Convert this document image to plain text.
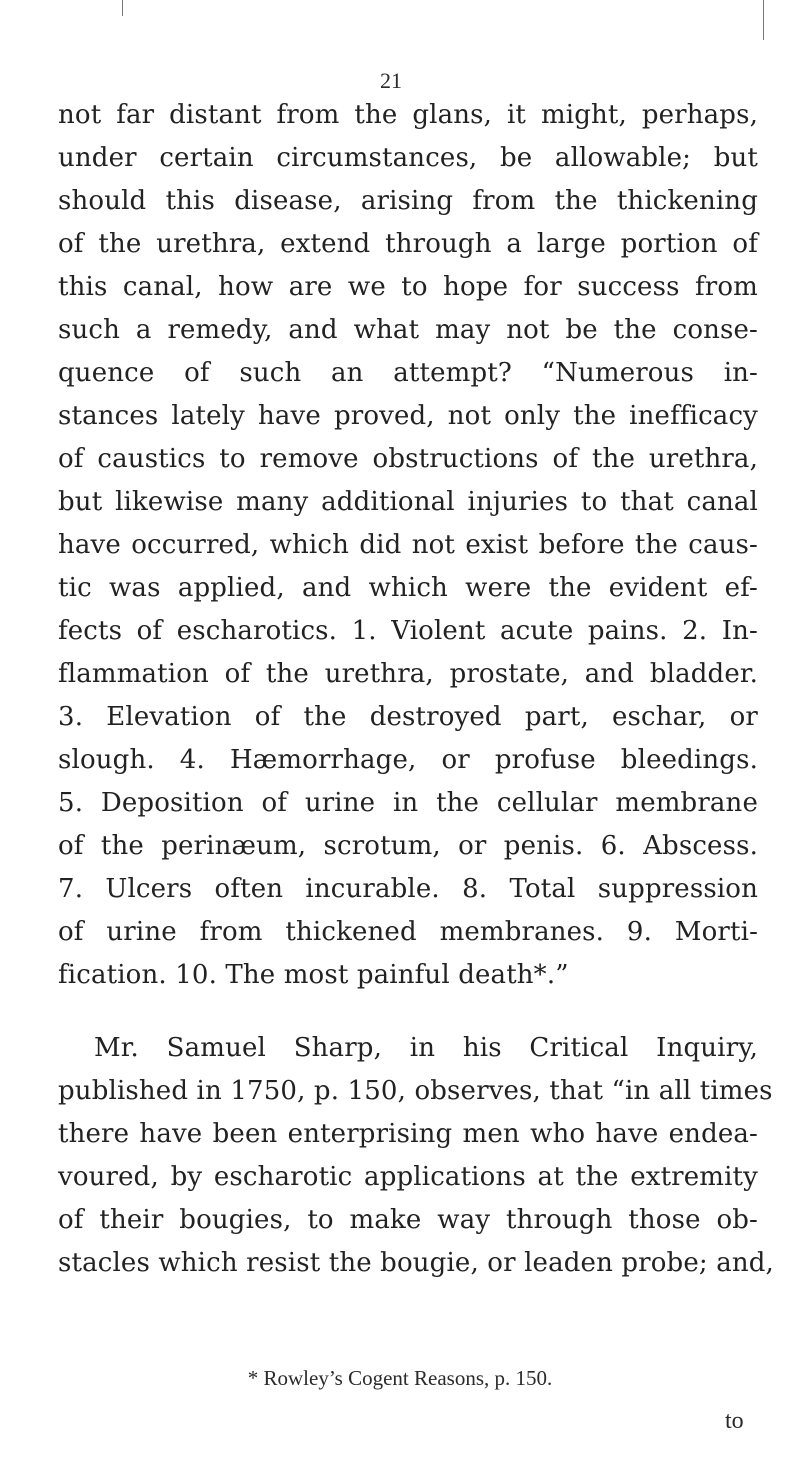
21
not far distant from the glans, it might, perhaps,
under certain circumstances, be allowable; but
should this disease, arising from the thickening
of the urethra, extend through a large portion of
this canal, how are we to hope for success from
such a remedy, and what may not be the conse-
quence of such an attempt? “Numerous in-
stances lately have proved, not only the inefficacy
of caustics to remove obstructions of the urethra,
but likewise many additional injuries to that canal
have occurred, which did not exist before the caus-
tic was applied, and which were the evident ef-
fects of escharotics. 1. Violent acute pains. 2. In-
flammation of the urethra, prostate, and bladder.
3. Elevation of the destroyed part, eschar, or
slough. 4. Hæmorrhage, or profuse bleedings.
5. Deposition of urine in the cellular membrane
of the perinæum, scrotum, or penis. 6. Abscess.
7. Ulcers often incurable. 8. Total suppression
of urine from thickened membranes. 9. Morti-
fication. 10. The most painful death*.”
Mr. Samuel Sharp, in his Critical Inquiry,
published in 1750, p. 150, observes, that “in all times
there have been enterprising men who have endea-
voured, by escharotic applications at the extremity
of their bougies, to make way through those ob-
stacles which resist the bougie, or leaden probe; and,
* Rowley’s Cogent Reasons, p. 150.
to
